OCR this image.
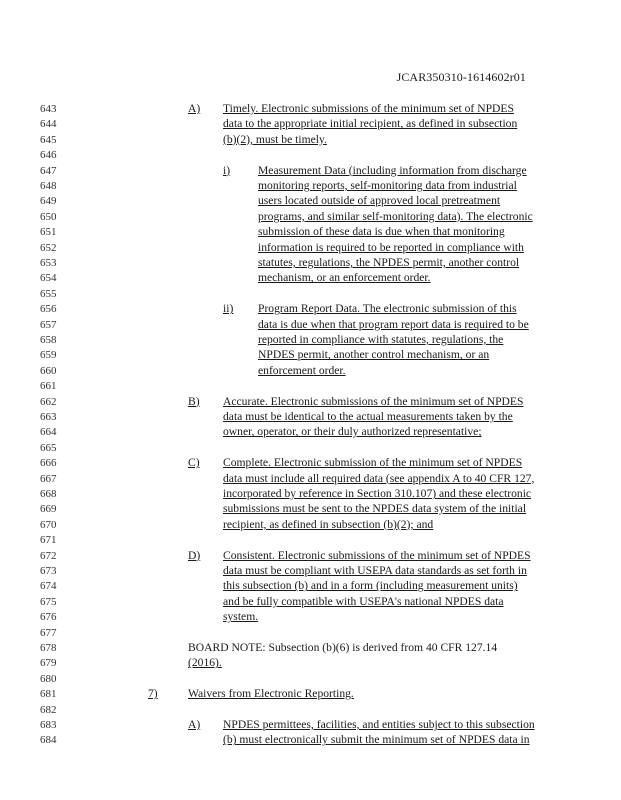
JCAR350310-1614602r01
643	A) Timely. Electronic submissions of the minimum set of NPDES
644	data to the appropriate initial recipient, as defined in subsection
645	(b)(2), must be timely.
646
647	i) Measurement Data (including information from discharge
648	monitoring reports, self-monitoring data from industrial
649	users located outside of approved local pretreatment
650	programs, and similar self-monitoring data). The electronic
651	submission of these data is due when that monitoring
652	information is required to be reported in compliance with
653	statutes, regulations, the NPDES permit, another control
654	mechanism, or an enforcement order.
655
656	ii) Program Report Data. The electronic submission of this
657	data is due when that program report data is required to be
658	reported in compliance with statutes, regulations, the
659	NPDES permit, another control mechanism, or an
660	enforcement order.
661
662	B) Accurate. Electronic submissions of the minimum set of NPDES
663	data must be identical to the actual measurements taken by the
664	owner, operator, or their duly authorized representative;
665
666	C) Complete. Electronic submission of the minimum set of NPDES
667	data must include all required data (see appendix A to 40 CFR 127,
668	incorporated by reference in Section 310.107) and these electronic
669	submissions must be sent to the NPDES data system of the initial
670	recipient, as defined in subsection (b)(2); and
671
672	D) Consistent. Electronic submissions of the minimum set of NPDES
673	data must be compliant with USEPA data standards as set forth in
674	this subsection (b) and in a form (including measurement units)
675	and be fully compatible with USEPA's national NPDES data
676	system.
677
678	BOARD NOTE: Subsection (b)(6) is derived from 40 CFR 127.14
679	(2016).
680
681	7)	Waivers from Electronic Reporting.
682
683	A) NPDES permittees, facilities, and entities subject to this subsection
684	(b) must electronically submit the minimum set of NPDES data in
